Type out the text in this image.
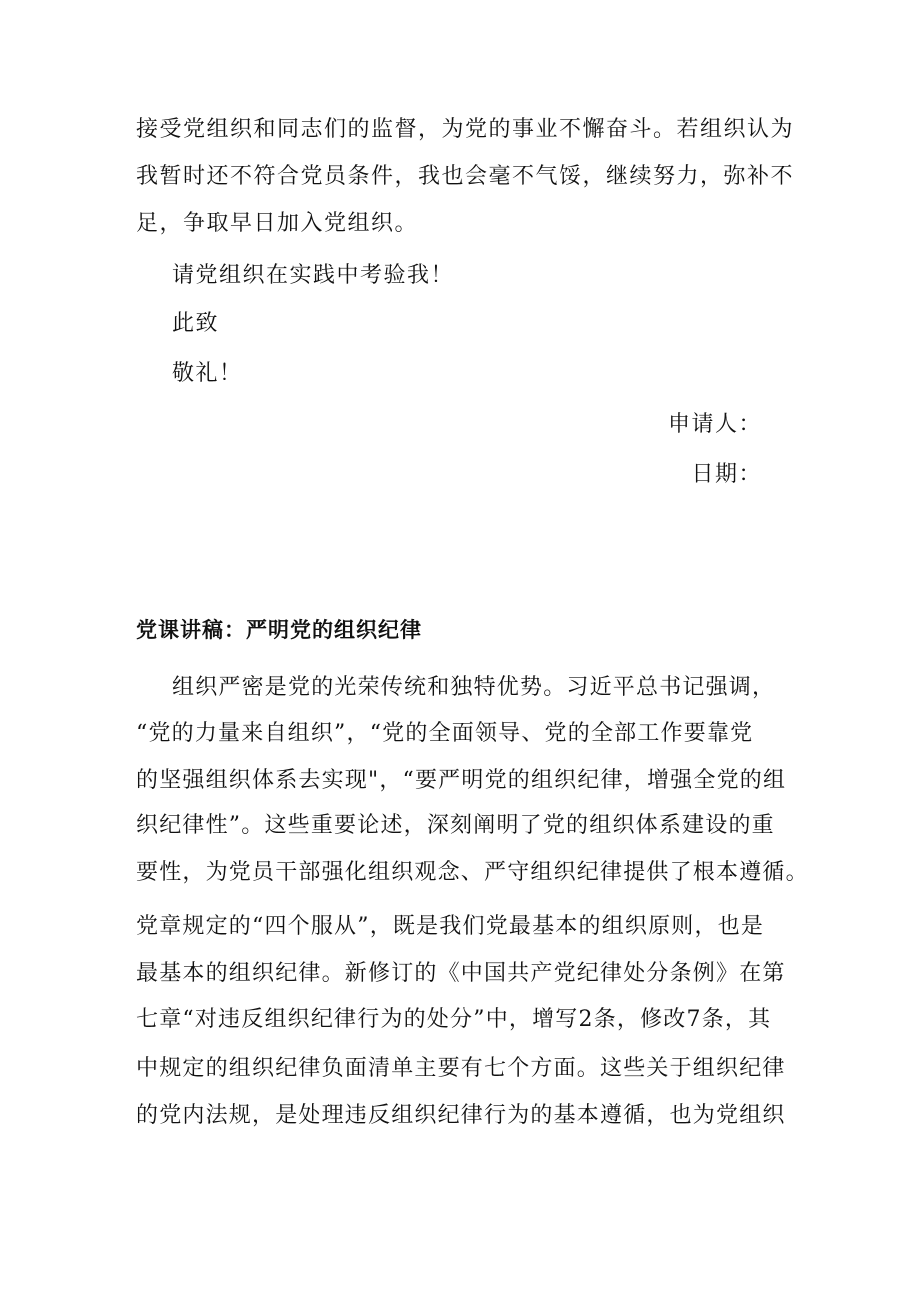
接受党组织和同志们的监督，为党的事业不懈奋斗。若组织认为
我暂时还不符合党员条件，我也会毫不气馁，继续努力，弥补不
足，争取早日加入党组织。
请党组织在实践中考验我！
此致
敬礼！
申请人：
日期：
党课讲稿：严明党的组织纪律
组织严密是党的光荣传统和独特优势。习近平总书记强调，
“党的力量来自组织”，“党的全面领导、党的全部工作要靠党
的坚强组织体系去实现"，“要严明党的组织纪律，增强全党的组
织纪律性”。这些重要论述，深刻阐明了党的组织体系建设的重
要性，为党员干部强化组织观念、严守组织纪律提供了根本遵循。
党章规定的“四个服从”，既是我们党最基本的组织原则，也是
最基本的组织纪律。新修订的《中国共产党纪律处分条例》在第
七章“对违反组织纪律行为的处分”中，增写2条，修改7条，其
中规定的组织纪律负面清单主要有七个方面。这些关于组织纪律
的党内法规，是处理违反组织纪律行为的基本遵循，也为党组织
